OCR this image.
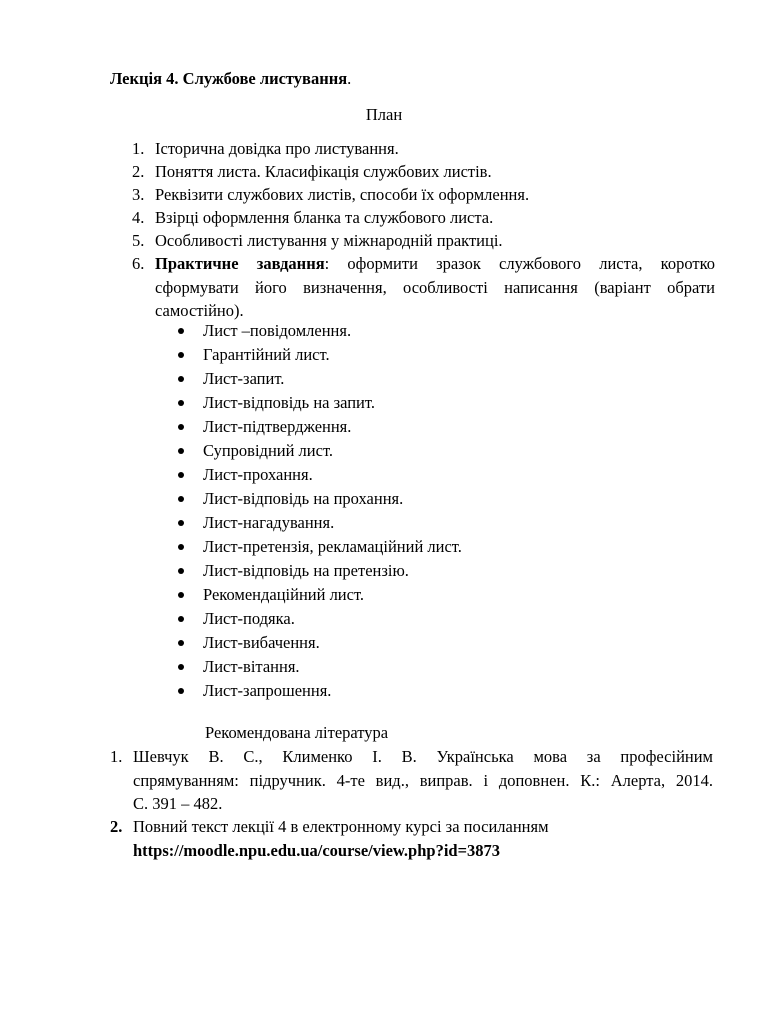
Лекція 4. Службове листування.
План
1. Історична довідка про листування.
2. Поняття листа. Класифікація службових листів.
3. Реквізити службових листів, способи їх оформлення.
4. Взірці оформлення бланка та службового листа.
5. Особливості листування у міжнародній практиці.
6. Практичне завдання: оформити зразок службового листа, коротко
сформувати його визначення, особливості написання (варіант обрати
самостійно).
Лист –повідомлення.
Гарантійний лист.
Лист-запит.
Лист-відповідь на запит.
Лист-підтвердження.
Супровідний лист.
Лист-прохання.
Лист-відповідь на прохання.
Лист-нагадування.
Лист-претензія, рекламаційний лист.
Лист-відповідь на претензію.
Рекомендаційний лист.
Лист-подяка.
Лист-вибачення.
Лист-вітання.
Лист-запрошення.
Рекомендована література
1. Шевчук В. С., Клименко І. В. Українська мова за професійним
спрямуванням: підручник. 4-те вид., виправ. і доповнен. К.: Алерта, 2014.
С. 391 – 482.
2. Повний текст лекції 4 в електронному курсі за посиланням
https://moodle.npu.edu.ua/course/view.php?id=3873
